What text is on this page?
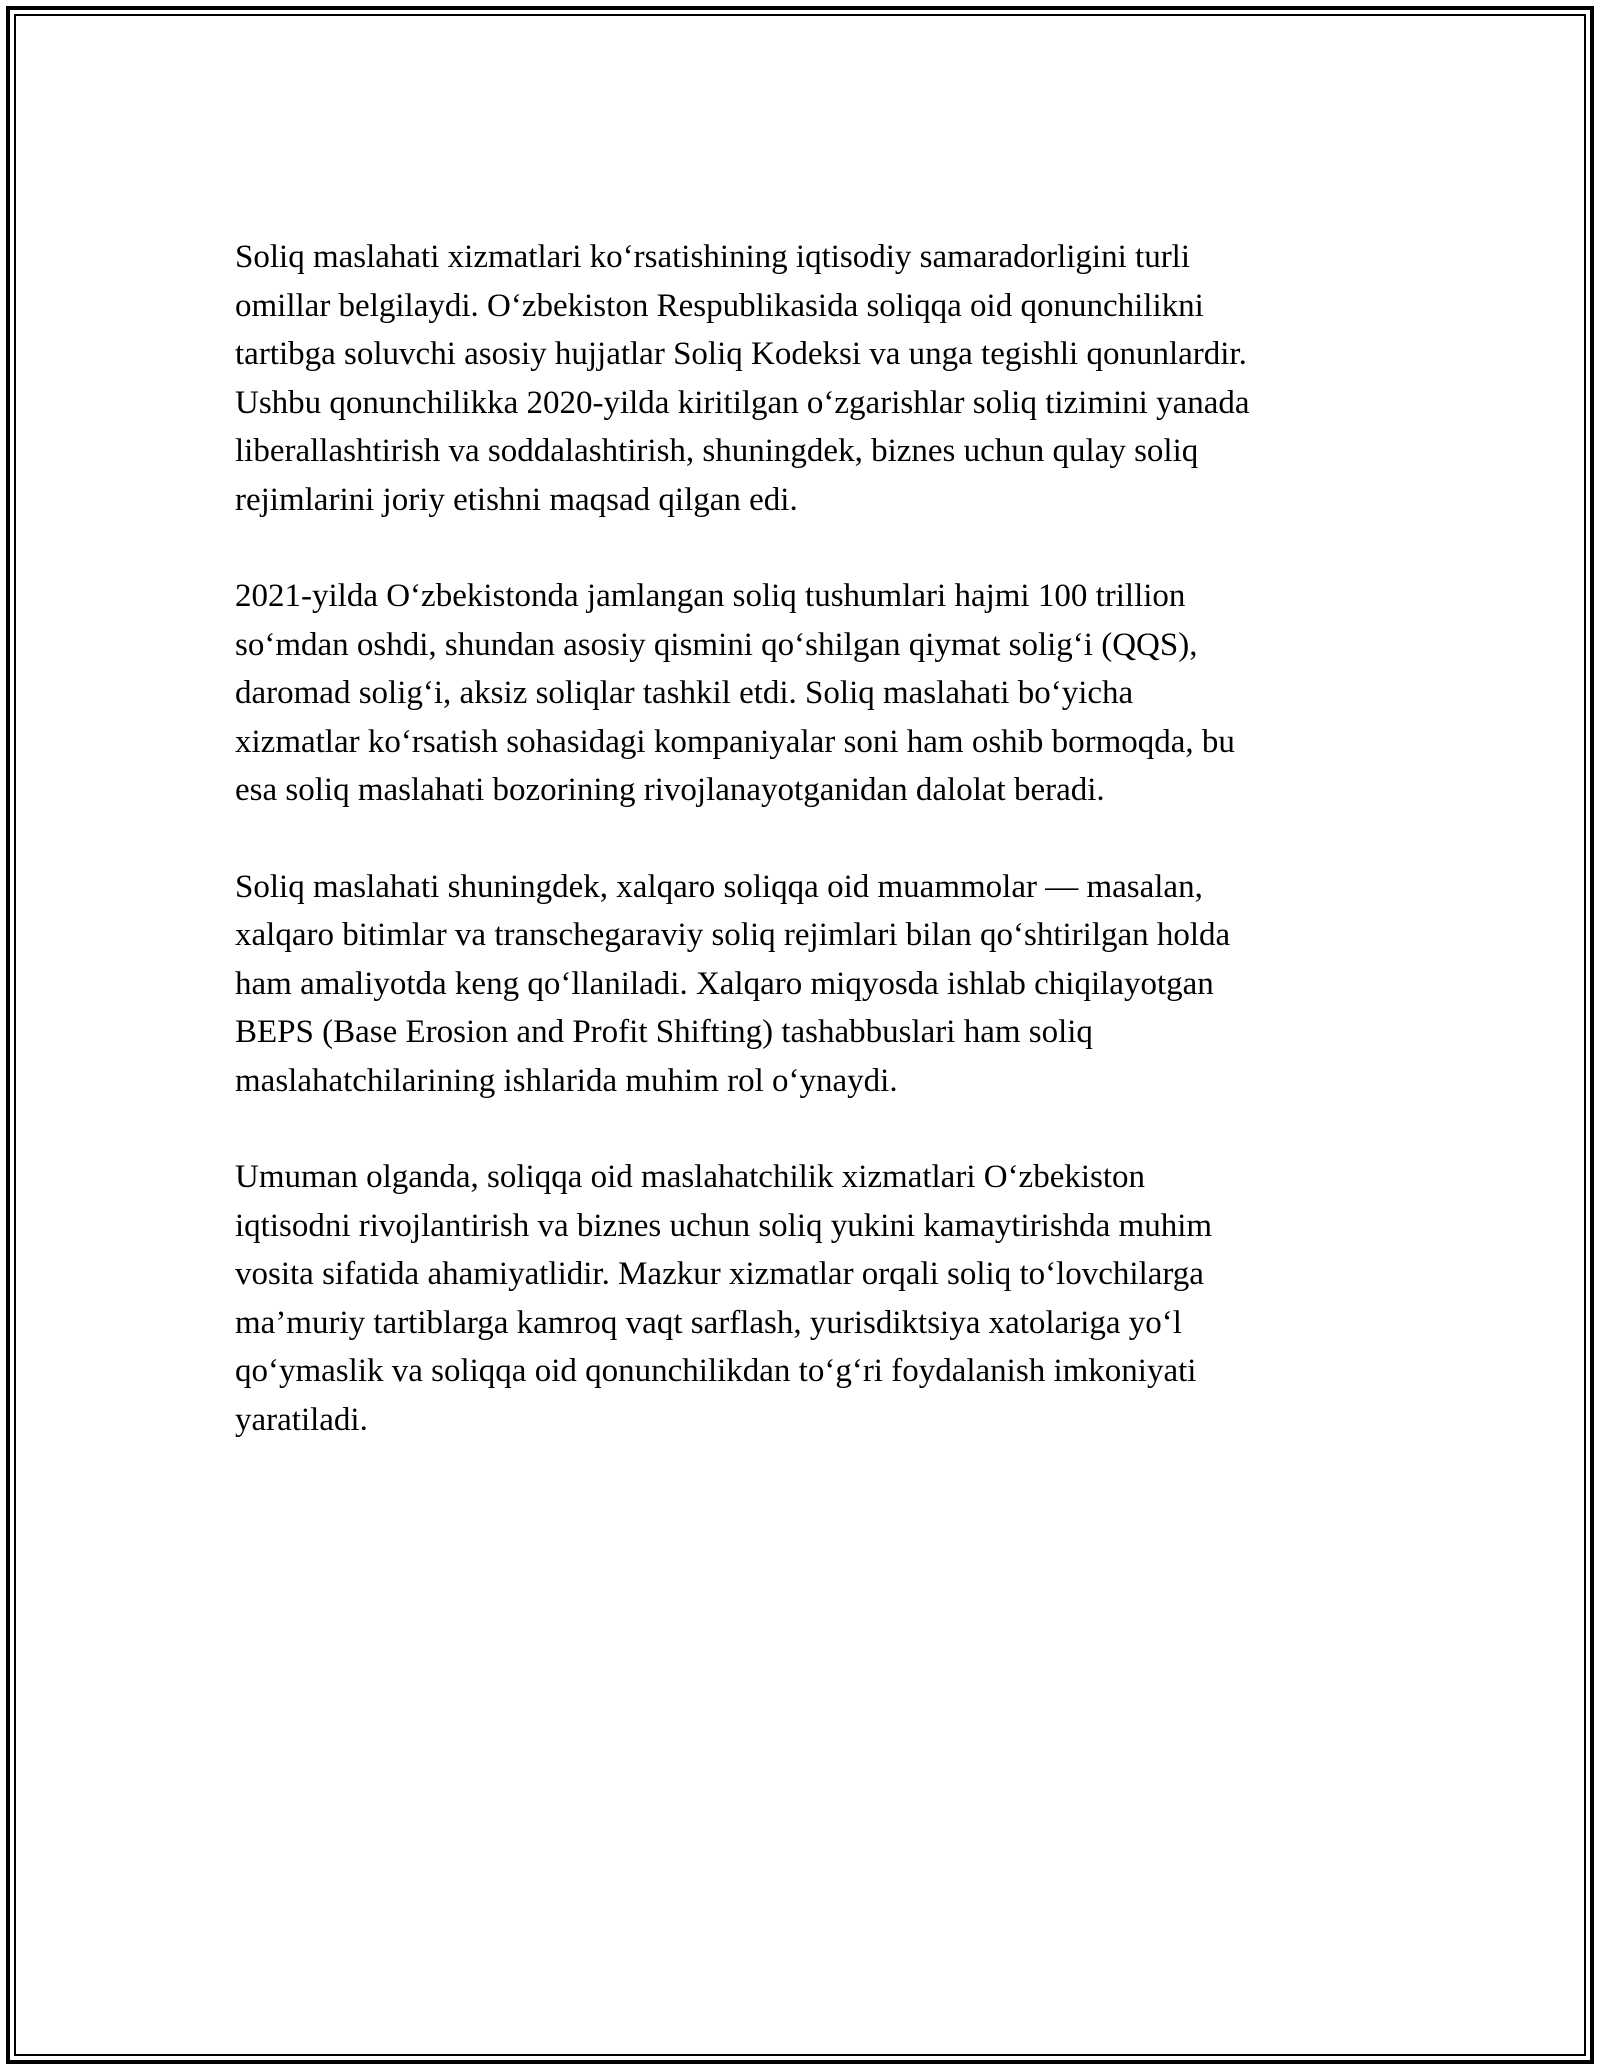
Soliq maslahati xizmatlari ko‘rsatishining iqtisodiy samaradorligini turli
omillar belgilaydi. O‘zbekiston Respublikasida soliqqa oid qonunchilikni
tartibga soluvchi asosiy hujjatlar Soliq Kodeksi va unga tegishli qonunlardir.
Ushbu qonunchilikka 2020-yilda kiritilgan o‘zgarishlar soliq tizimini yanada
liberallashtirish va soddalashtirish, shuningdek, biznes uchun qulay soliq
rejimlarini joriy etishni maqsad qilgan edi.

2021-yilda O‘zbekistonda jamlangan soliq tushumlari hajmi 100 trillion
so‘mdan oshdi, shundan asosiy qismini qo‘shilgan qiymat solig‘i (QQS),
daromad solig‘i, aksiz soliqlar tashkil etdi. Soliq maslahati bo‘yicha
xizmatlar ko‘rsatish sohasidagi kompaniyalar soni ham oshib bormoqda, bu
esa soliq maslahati bozorining rivojlanayotganidan dalolat beradi.

Soliq maslahati shuningdek, xalqaro soliqqa oid muammolar — masalan,
xalqaro bitimlar va transchegaraviy soliq rejimlari bilan qo‘shtirilgan holda
ham amaliyotda keng qo‘llaniladi. Xalqaro miqyosda ishlab chiqilayotgan
BEPS (Base Erosion and Profit Shifting) tashabbuslari ham soliq
maslahatchilarining ishlarida muhim rol o‘ynaydi.

Umuman olganda, soliqqa oid maslahatchilik xizmatlari O‘zbekiston
iqtisodni rivojlantirish va biznes uchun soliq yukini kamaytirishda muhim
vosita sifatida ahamiyatlidir. Mazkur xizmatlar orqali soliq to‘lovchilarga
ma’muriy tartiblarga kamroq vaqt sarflash, yurisdiktsiya xatolariga yo‘l
qo‘ymaslik va soliqqa oid qonunchilikdan to‘g‘ri foydalanish imkoniyati
yaratiladi.
